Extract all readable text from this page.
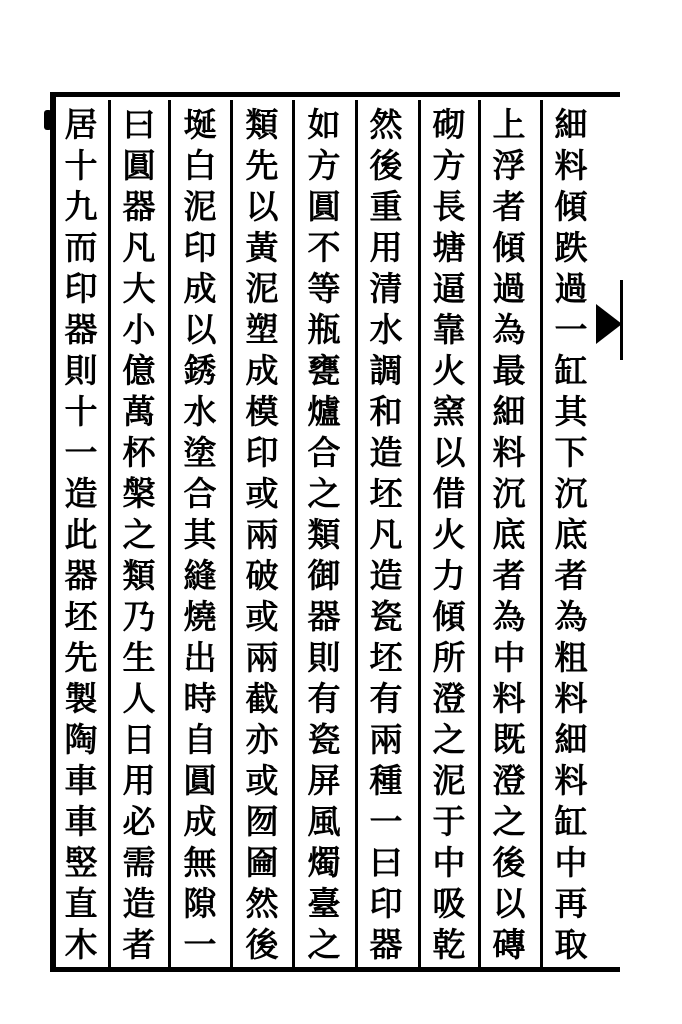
細
料
傾
跌
過
一
缸
其
下
沉
底
者
為
粗
料
細
料
缸
中
再
取
上
浮
者
傾
過
為
最
細
料
沉
底
者
為
中
料
既
澄
之
後
以
磚
砌
方
長
塘
逼
靠
火
窯
以
借
火
力
傾
所
澄
之
泥
于
中
吸
乾
然
後
重
用
清
水
調
和
造
坯
凡
造
瓷
坯
有
兩
種
一
曰
印
器
如
方
圓
不
等
瓶
甕
爐
合
之
類
御
器
則
有
瓷
屏
風
燭
臺
之
類
先
以
黃
泥
塑
成
模
印
或
兩
破
或
兩
截
亦
或
囫
圇
然
後
埏
白
泥
印
成
以
銹
水
塗
合
其
縫
燒
出
時
自
圓
成
無
隙
一
曰
圓
器
凡
大
小
億
萬
杯
槃
之
類
乃
生
人
日
用
必
需
造
者
居
十
九
而
印
器
則
十
一
造
此
器
坯
先
製
陶
車
車
竪
直
木
